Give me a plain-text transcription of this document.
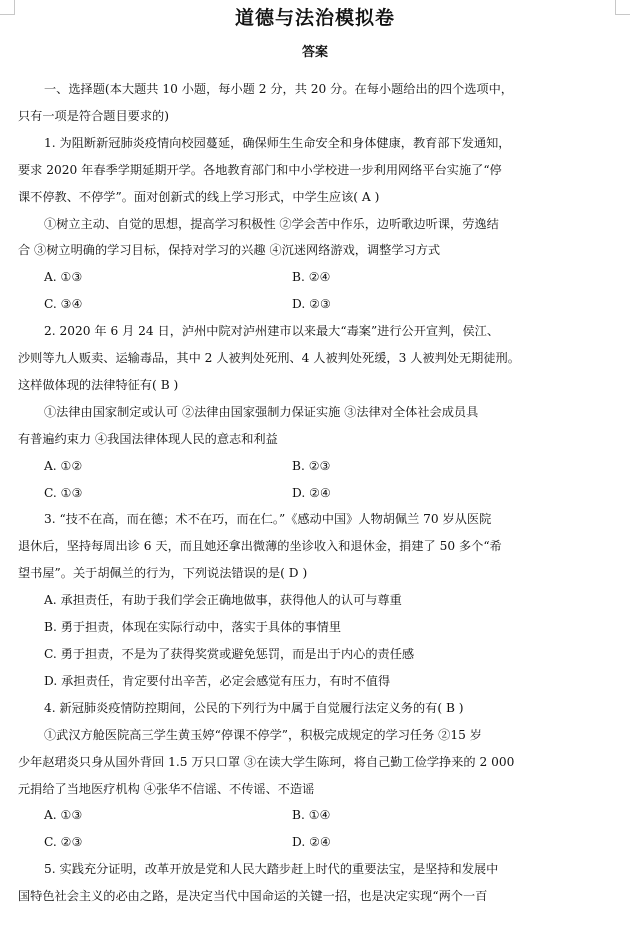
道德与法治模拟卷
答案

一、选择题(本大题共 10 小题，每小题 2 分，共 20 分。在每小题给出的四个选项中，

只有一项是符合题目要求的)

1. 为阻断新冠肺炎疫情向校园蔓延，确保师生生命安全和身体健康，教育部下发通知，

要求 2020 年春季学期延期开学。各地教育部门和中小学校进一步利用网络平台实施了“停

课不停教、不停学”。面对创新式的线上学习形式，中学生应该( A )

①树立主动、自觉的思想，提高学习积极性 ②学会苦中作乐，边听歌边听课，劳逸结

合 ③树立明确的学习目标，保持对学习的兴趣 ④沉迷网络游戏，调整学习方式

A. ①③	B. ②④
C. ③④	D. ②③

2. 2020 年 6 月 24 日，泸州中院对泸州建市以来最大“毒案”进行公开宣判，侯江、

沙则等九人贩卖、运输毒品，其中 2 人被判处死刑、4 人被判处死缓，3 人被判处无期徒刑。

这样做体现的法律特征有( B )

①法律由国家制定或认可 ②法律由国家强制力保证实施 ③法律对全体社会成员具

有普遍约束力 ④我国法律体现人民的意志和利益

A. ①②	B. ②③
C. ①③	D. ②④

3. “技不在高，而在德；术不在巧，而在仁。”《感动中国》人物胡佩兰 70 岁从医院

退休后，坚持每周出诊 6 天，而且她还拿出微薄的坐诊收入和退休金，捐建了 50 多个“希

望书屋”。关于胡佩兰的行为，下列说法错误的是( D )

A. 承担责任，有助于我们学会正确地做事，获得他人的认可与尊重

B. 勇于担责，体现在实际行动中，落实于具体的事情里

C. 勇于担责，不是为了获得奖赏或避免惩罚，而是出于内心的责任感

D. 承担责任，肯定要付出辛苦，必定会感觉有压力，有时不值得

4. 新冠肺炎疫情防控期间，公民的下列行为中属于自觉履行法定义务的有( B )

①武汉方舱医院高三学生黄玉婷“停课不停学”，积极完成规定的学习任务 ②15 岁

少年赵珺炎只身从国外背回 1.5 万只口罩 ③在读大学生陈珂，将自己勤工俭学挣来的 2 000

元捐给了当地医疗机构 ④张华不信谣、不传谣、不造谣

A. ①③	B. ①④
C. ②③	D. ②④

5. 实践充分证明，改革开放是党和人民大踏步赶上时代的重要法宝，是坚持和发展中

国特色社会主义的必由之路，是决定当代中国命运的关键一招，也是决定实现“两个一百
